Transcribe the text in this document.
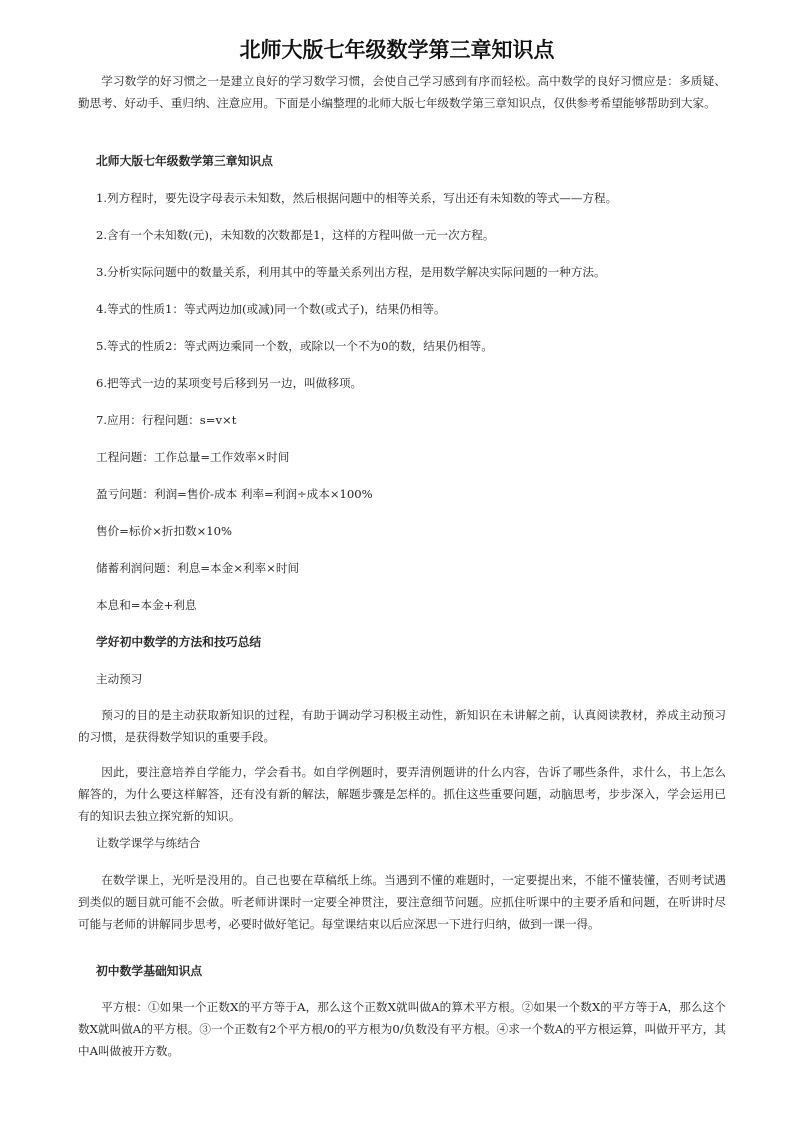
北师大版七年级数学第三章知识点

学习数学的好习惯之一是建立良好的学习数学习惯，会使自己学习感到有序而轻松。高中数学的良好习惯应是：多质疑、勤思考、好动手、重归纳、注意应用。下面是小编整理的北师大版七年级数学第三章知识点，仅供参考希望能够帮助到大家。

北师大版七年级数学第三章知识点

1.列方程时，要先设字母表示未知数，然后根据问题中的相等关系，写出还有未知数的等式——方程。

2.含有一个未知数(元)，未知数的次数都是1，这样的方程叫做一元一次方程。

3.分析实际问题中的数量关系，利用其中的等量关系列出方程，是用数学解决实际问题的一种方法。

4.等式的性质1：等式两边加(或减)同一个数(或式子)，结果仍相等。

5.等式的性质2：等式两边乘同一个数，或除以一个不为0的数，结果仍相等。

6.把等式一边的某项变号后移到另一边，叫做移项。

7.应用：行程问题：s=v×t

工程问题：工作总量=工作效率×时间

盈亏问题：利润=售价-成本 利率=利润÷成本×100%

售价=标价×折扣数×10%

储蓄利润问题：利息=本金×利率×时间

本息和=本金+利息

学好初中数学的方法和技巧总结

主动预习

预习的目的是主动获取新知识的过程，有助于调动学习积极主动性，新知识在未讲解之前，认真阅读教材，养成主动预习的习惯，是获得数学知识的重要手段。

因此，要注意培养自学能力，学会看书。如自学例题时，要弄清例题讲的什么内容，告诉了哪些条件，求什么，书上怎么解答的，为什么要这样解答，还有没有新的解法，解题步骤是怎样的。抓住这些重要问题，动脑思考，步步深入，学会运用已有的知识去独立探究新的知识。

让数学课学与练结合

在数学课上，光听是没用的。自己也要在草稿纸上练。当遇到不懂的难题时，一定要提出来，不能不懂装懂，否则考试遇到类似的题目就可能不会做。听老师讲课时一定要全神贯注，要注意细节问题。应抓住听课中的主要矛盾和问题，在听讲时尽可能与老师的讲解同步思考，必要时做好笔记。每堂课结束以后应深思一下进行归纳，做到一课一得。

初中数学基础知识点

平方根：①如果一个正数X的平方等于A，那么这个正数X就叫做A的算术平方根。②如果一个数X的平方等于A，那么这个数X就叫做A的平方根。③一个正数有2个平方根/0的平方根为0/负数没有平方根。④求一个数A的平方根运算，叫做开平方，其中A叫做被开方数。
